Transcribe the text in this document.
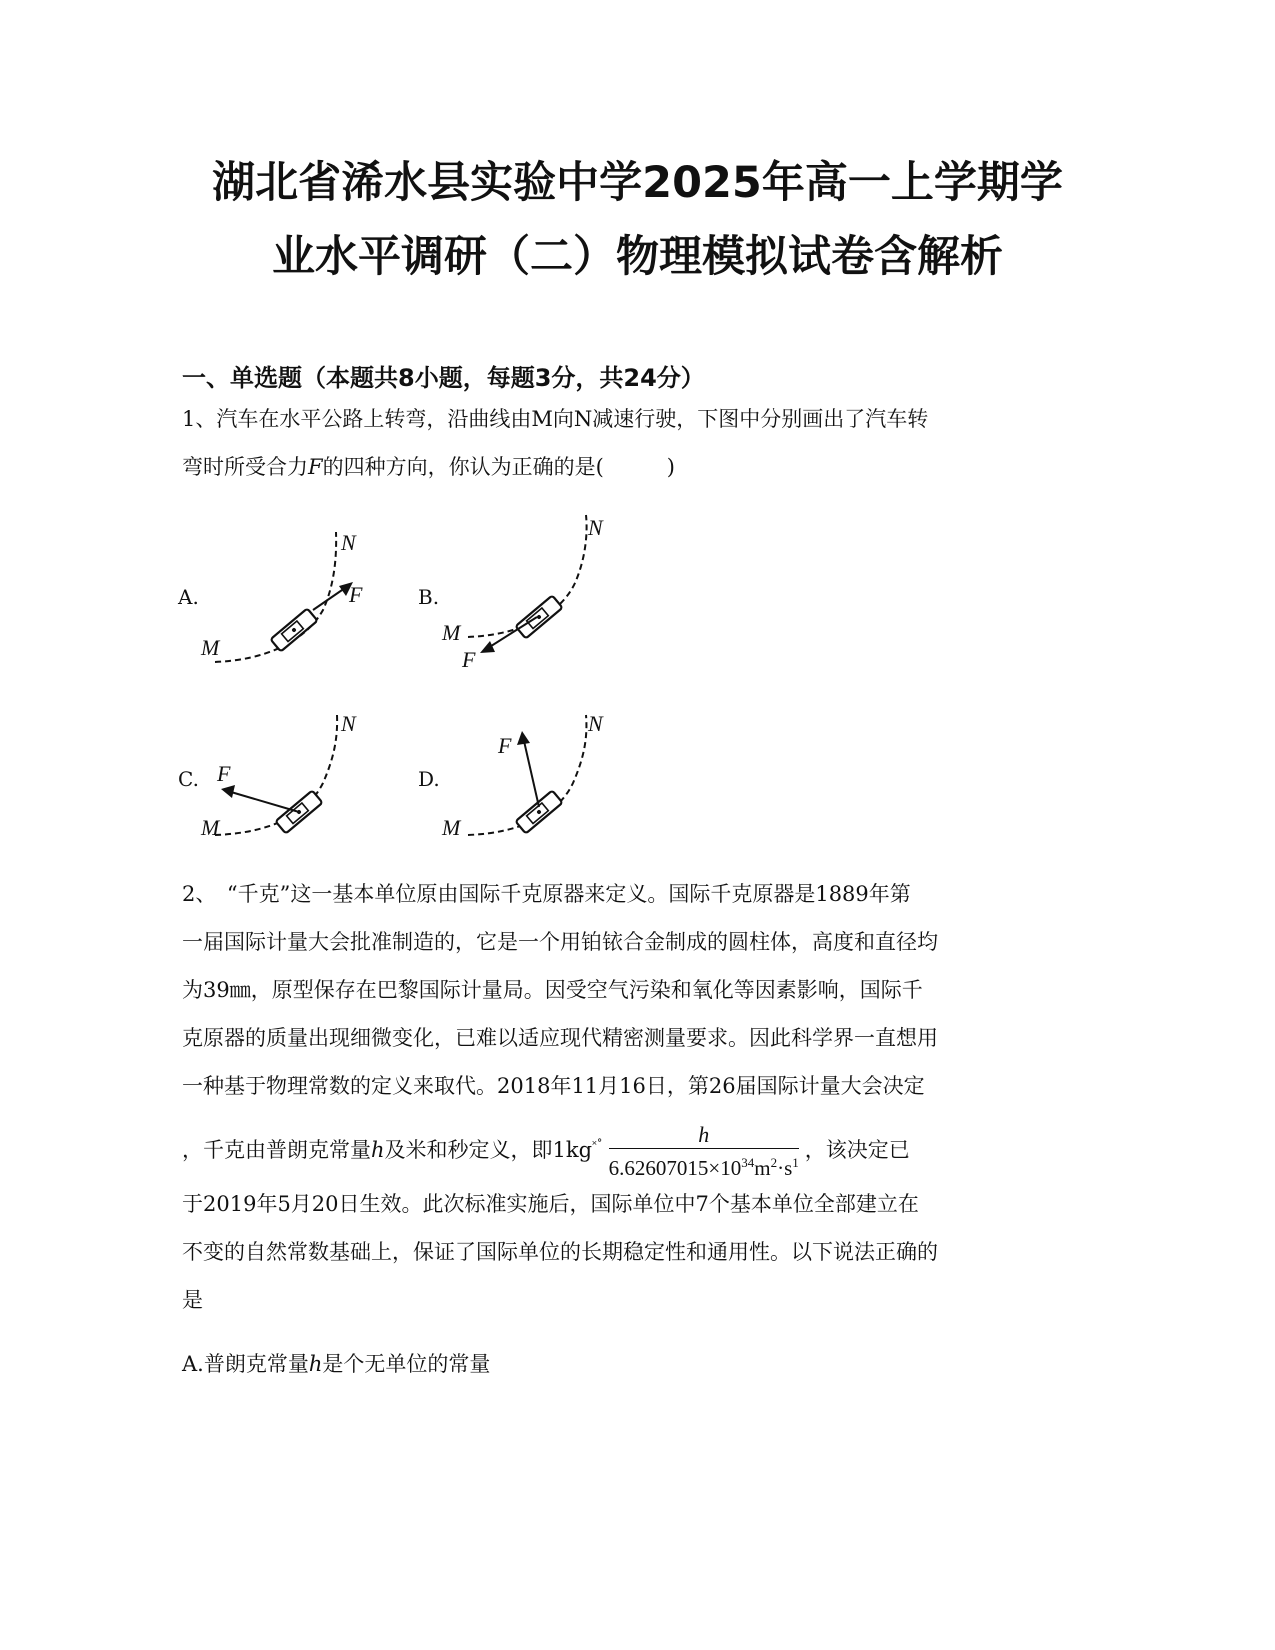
湖北省浠水县实验中学2025年高一上学期学
业水平调研（二）物理模拟试卷含解析
一、单选题（本题共8小题，每题3分，共24分）
1、汽车在水平公路上转弯，沿曲线由M向N减速行驶，下图中分别画出了汽车转
弯时所受合力F的四种方向，你认为正确的是(　　　)
A.
M
N
F	B.
M
N
F
C.
M
N
F	D.
M
N
F
2、　“千克”这一基本单位原由国际千克原器来定义。国际千克原器是1889年第
一届国际计量大会批准制造的，它是一个用铂铱合金制成的圆柱体，高度和直径均
为39㎜，原型保存在巴黎国际计量局。因受空气污染和氧化等因素影响，国际千
克原器的质量出现细微变化，已难以适应现代精密测量要求。因此科学界一直想用
一种基于物理常数的定义来取代。2018年11月16日，第26届国际计量大会决定
，千克由普朗克常量h及米和秒定义，即$1kg^{˟˚} \frac{h}{6.62607015\times 10^{34}m^2\cdot s^1}$ ，该决定已
于2019年5月20日生效。此次标准实施后，国际单位中7个基本单位全部建立在
不变的自然常数基础上，保证了国际单位的长期稳定性和通用性。以下说法正确的
是
A.普朗克常量h是个无单位的常量
